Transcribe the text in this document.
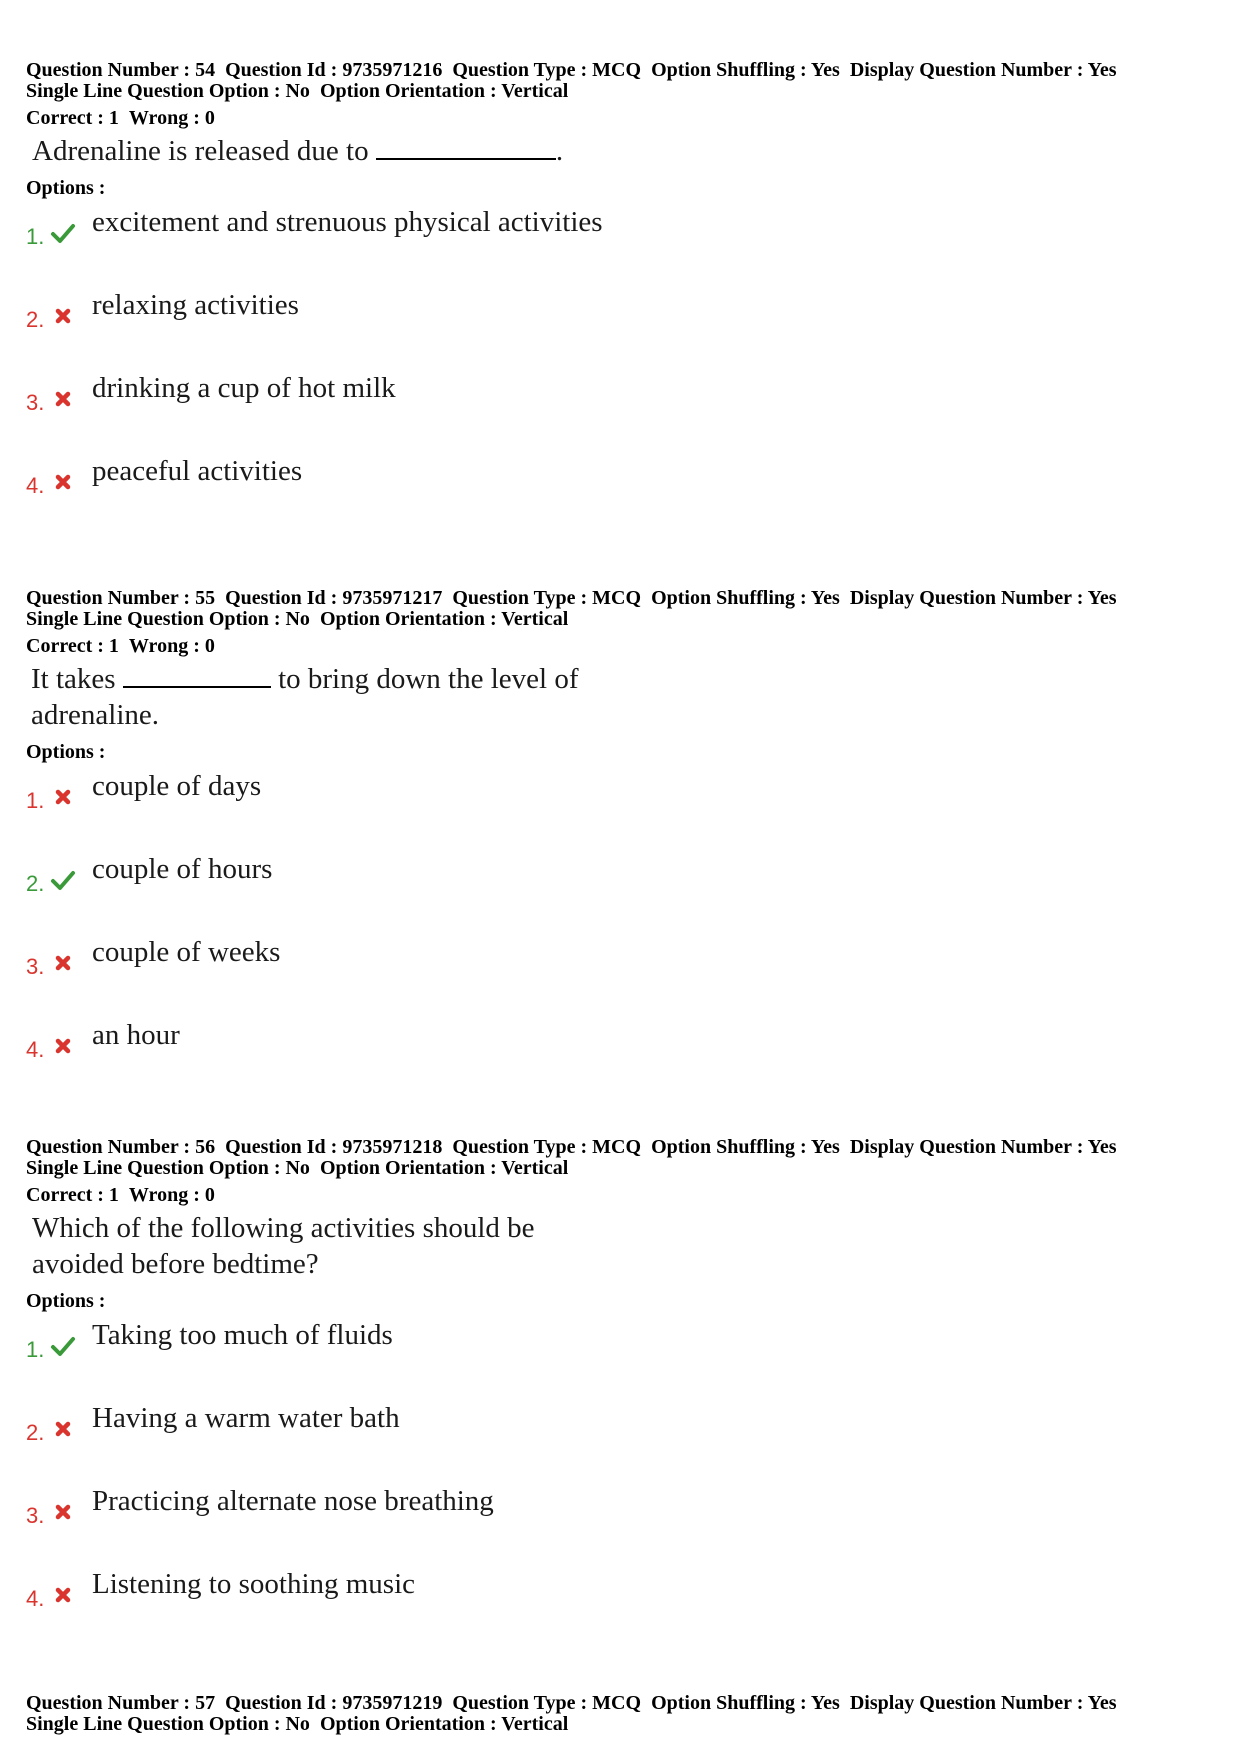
Question Number : 54 Question Id : 9735971216 Question Type : MCQ Option Shuffling : Yes Display Question Number : Yes
Single Line Question Option : No Option Orientation : Vertical
Correct : 1 Wrong : 0
Adrenaline is released due to	.
Options :
1. excitement and strenuous physical activities
2. relaxing activities
3. drinking a cup of hot milk
4. peaceful activities
Question Number : 55 Question Id : 9735971217 Question Type : MCQ Option Shuffling : Yes Display Question Number : Yes
Single Line Question Option : No Option Orientation : Vertical
Correct : 1 Wrong : 0
It takes	to bring down the level of
adrenaline.
Options :
1. couple of days
2. couple of hours
3. couple of weeks
4. an hour
Question Number : 56 Question Id : 9735971218 Question Type : MCQ Option Shuffling : Yes Display Question Number : Yes
Single Line Question Option : No Option Orientation : Vertical
Correct : 1 Wrong : 0
Which of the following activities should be
avoided before bedtime?
Options :
1. Taking too much of fluids
2. Having a warm water bath
3. Practicing alternate nose breathing
4. Listening to soothing music
Question Number : 57 Question Id : 9735971219 Question Type : MCQ Option Shuffling : Yes Display Question Number : Yes
Single Line Question Option : No Option Orientation : Vertical
